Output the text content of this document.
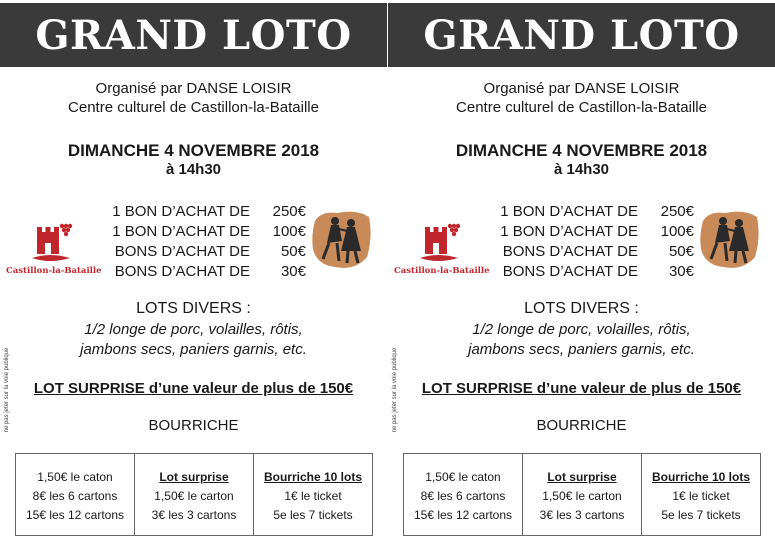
GRAND LOTO
Organisé par DANSE LOISIR
Centre culturel de Castillon-la-Bataille
DIMANCHE 4 NOVEMBRE 2018
à 14h30
Castillon-la-Bataille
1 BON D’ACHAT DE	250€
1 BON D’ACHAT DE	100€
BONS D’ACHAT DE	50€
BONS D’ACHAT DE	30€
LOTS DIVERS :
1/2 longe de porc, volailles, rôtis,
jambons secs, paniers garnis, etc.
LOT SURPRISE d’une valeur de plus de 150€
BOURRICHE
ne pas jeter sur la voie publique
1,50€ le caton
8€ les 6 cartons
15€ les 12 cartons

Lot surprise
1,50€ le carton
3€ les 3 cartons

Bourriche 10 lots
1€ le ticket
5e les 7 tickets
GRAND LOTO
Organisé par DANSE LOISIR
Centre culturel de Castillon-la-Bataille
DIMANCHE 4 NOVEMBRE 2018
à 14h30
Castillon-la-Bataille
1 BON D’ACHAT DE	250€
1 BON D’ACHAT DE	100€
BONS D’ACHAT DE	50€
BONS D’ACHAT DE	30€
LOTS DIVERS :
1/2 longe de porc, volailles, rôtis,
jambons secs, paniers garnis, etc.
LOT SURPRISE d’une valeur de plus de 150€
BOURRICHE
ne pas jeter sur la voie publique
1,50€ le caton
8€ les 6 cartons
15€ les 12 cartons

Lot surprise
1,50€ le carton
3€ les 3 cartons

Bourriche 10 lots
1€ le ticket
5e les 7 tickets
